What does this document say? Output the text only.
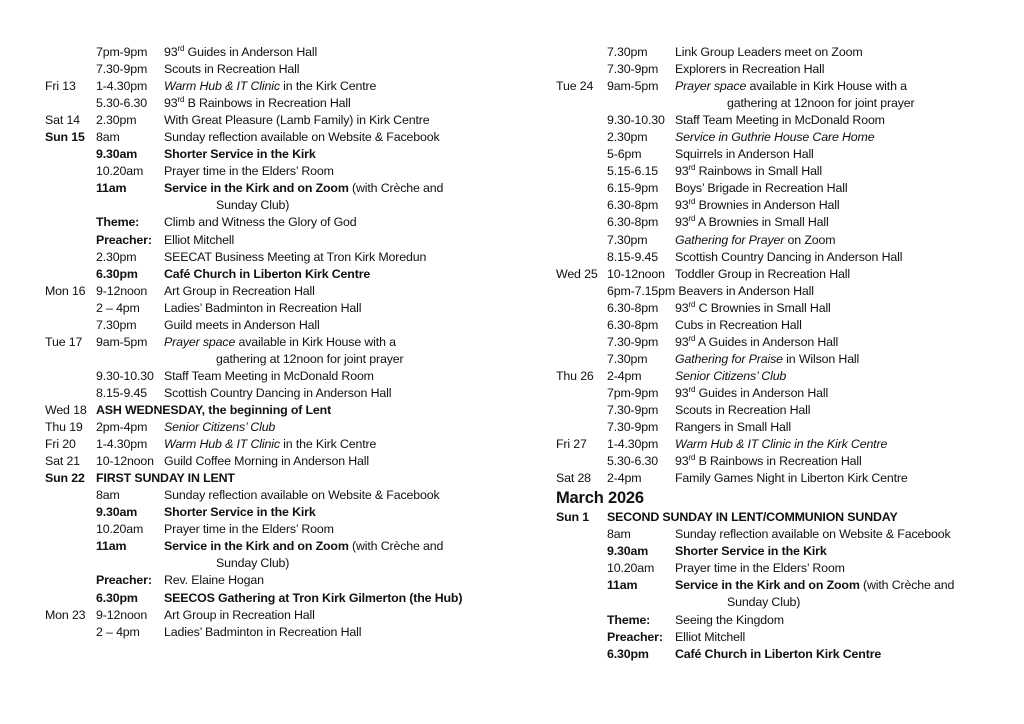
7pm-9pm 93rd Guides in Anderson Hall
7.30-9pm Scouts in Recreation Hall
Fri 13 1-4.30pm Warm Hub & IT Clinic in the Kirk Centre
5.30-6.30 93rd B Rainbows in Recreation Hall
Sat 14 2.30pm With Great Pleasure (Lamb Family) in Kirk Centre
Sun 15 8am	Sunday reflection available on Website & Facebook
9.30am Shorter Service in the Kirk
10.20am Prayer time in the Elders’ Room
11am	Service in the Kirk and on Zoom (with Crèche and
Sunday Club)
Theme: Climb and Witness the Glory of God
Preacher: Elliot Mitchell
2.30pm SEECAT Business Meeting at Tron Kirk Moredun
6.30pm Café Church in Liberton Kirk Centre
Mon 16 9-12noon Art Group in Recreation Hall
2 – 4pm Ladies’ Badminton in Recreation Hall
7.30pm Guild meets in Anderson Hall
Tue 17 9am-5pm Prayer space available in Kirk House with a
gathering at 12noon for joint prayer
9.30-10.30 Staff Team Meeting in McDonald Room
8.15-9.45 Scottish Country Dancing in Anderson Hall
Wed 18 ASH WEDNESDAY, the beginning of Lent
Thu 19 2pm-4pm Senior Citizens’ Club
Fri 20 1-4.30pm Warm Hub & IT Clinic in the Kirk Centre
Sat 21 10-12noon Guild Coffee Morning in Anderson Hall
Sun 22 FIRST SUNDAY IN LENT
8am	Sunday reflection available on Website & Facebook
9.30am Shorter Service in the Kirk
10.20am Prayer time in the Elders’ Room
11am	Service in the Kirk and on Zoom (with Crèche and
Sunday Club)
Preacher: Rev. Elaine Hogan
6.30pm SEECOS Gathering at Tron Kirk Gilmerton (the Hub)
Mon 23 9-12noon Art Group in Recreation Hall
2 – 4pm Ladies’ Badminton in Recreation Hall
7.30pm Link Group Leaders meet on Zoom
7.30-9pm Explorers in Recreation Hall
Tue 24 9am-5pm Prayer space available in Kirk House with a
gathering at 12noon for joint prayer
9.30-10.30 Staff Team Meeting in McDonald Room
2.30pm Service in Guthrie House Care Home
5-6pm	Squirrels in Anderson Hall
5.15-6.15 93rd Rainbows in Small Hall
6.15-9pm Boys’ Brigade in Recreation Hall
6.30-8pm 93rd Brownies in Anderson Hall
6.30-8pm 93rd A Brownies in Small Hall
7.30pm Gathering for Prayer on Zoom
8.15-9.45 Scottish Country Dancing in Anderson Hall
Wed 25 10-12noon Toddler Group in Recreation Hall
6pm-7.15pm Beavers in Anderson Hall
6.30-8pm 93rd C Brownies in Small Hall
6.30-8pm Cubs in Recreation Hall
7.30-9pm 93rd A Guides in Anderson Hall
7.30pm Gathering for Praise in Wilson Hall
Thu 26 2-4pm	Senior Citizens’ Club
7pm-9pm 93rd Guides in Anderson Hall
7.30-9pm Scouts in Recreation Hall
7.30-9pm Rangers in Small Hall
Fri 27 1-4.30pm Warm Hub & IT Clinic in the Kirk Centre
5.30-6.30 93rd B Rainbows in Recreation Hall
Sat 28 2-4pm	Family Games Night in Liberton Kirk Centre
March 2026
Sun 1 SECOND SUNDAY IN LENT/COMMUNION SUNDAY
8am	Sunday reflection available on Website & Facebook
9.30am Shorter Service in the Kirk
10.20am Prayer time in the Elders’ Room
11am	Service in the Kirk and on Zoom (with Crèche and
Sunday Club)
Theme: Seeing the Kingdom
Preacher: Elliot Mitchell
6.30pm Café Church in Liberton Kirk Centre
